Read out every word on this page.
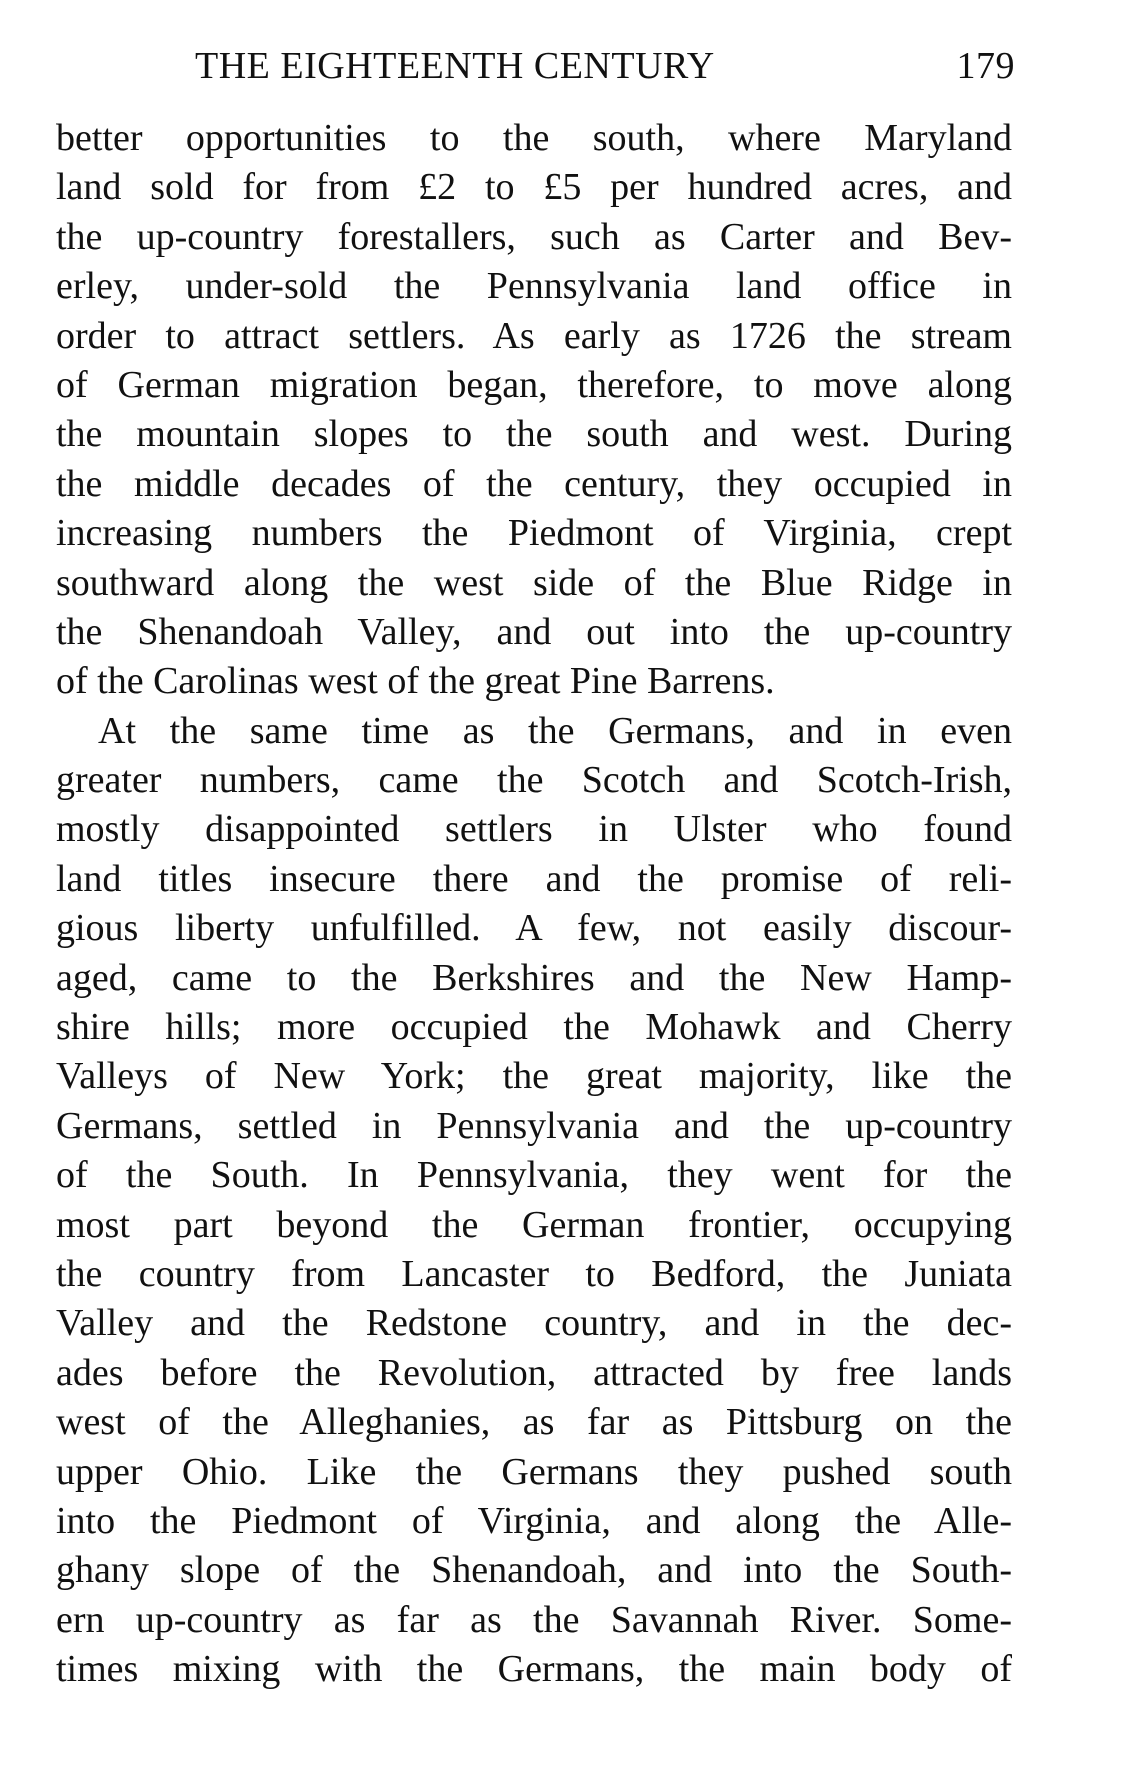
THE EIGHTEENTH CENTURY	179
better opportunities to the south, where Maryland
land sold for from £2 to £5 per hundred acres, and
the up-country forestallers, such as Carter and Bev-
erley, under-sold the Pennsylvania land office in
order to attract settlers. As early as 1726 the stream
of German migration began, therefore, to move along
the mountain slopes to the south and west. During
the middle decades of the century, they occupied in
increasing numbers the Piedmont of Virginia, crept
southward along the west side of the Blue Ridge in
the Shenandoah Valley, and out into the up-country
of the Carolinas west of the great Pine Barrens.
At the same time as the Germans, and in even
greater numbers, came the Scotch and Scotch-Irish,
mostly disappointed settlers in Ulster who found
land titles insecure there and the promise of reli-
gious liberty unfulfilled. A few, not easily discour-
aged, came to the Berkshires and the New Hamp-
shire hills; more occupied the Mohawk and Cherry
Valleys of New York; the great majority, like the
Germans, settled in Pennsylvania and the up-country
of the South. In Pennsylvania, they went for the
most part beyond the German frontier, occupying
the country from Lancaster to Bedford, the Juniata
Valley and the Redstone country, and in the dec-
ades before the Revolution, attracted by free lands
west of the Alleghanies, as far as Pittsburg on the
upper Ohio. Like the Germans they pushed south
into the Piedmont of Virginia, and along the Alle-
ghany slope of the Shenandoah, and into the South-
ern up-country as far as the Savannah River. Some-
times mixing with the Germans, the main body of
